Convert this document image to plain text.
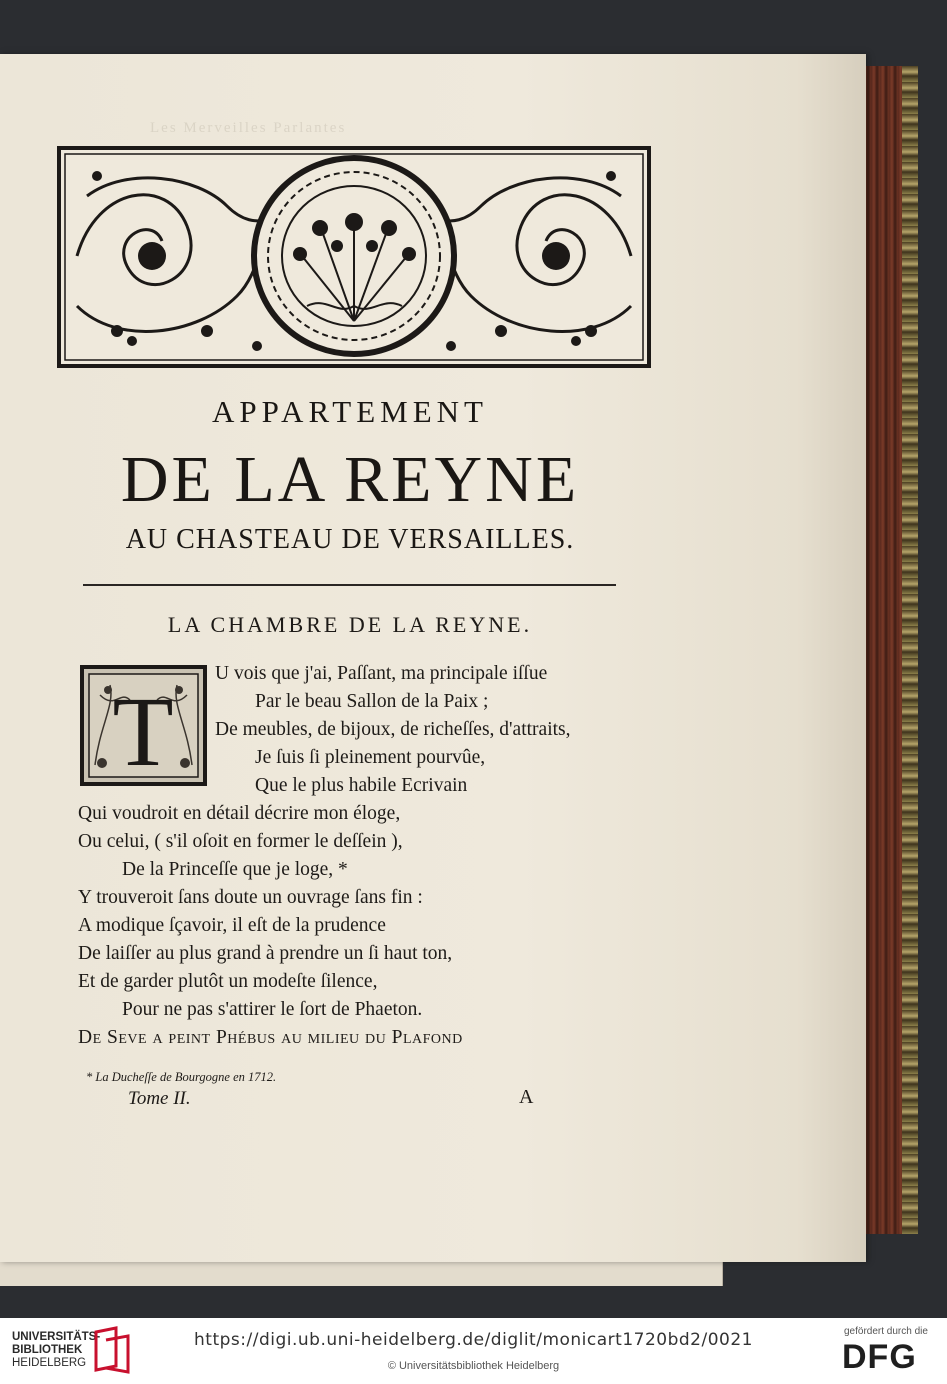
Les Merveilles Parlantes
APPARTEMENT
DE LA REYNE
AU CHASTEAU DE VERSAILLES.
LA CHAMBRE DE LA REYNE.
T
U vois que j'ai, Paſſant, ma principale iſſue
Par le beau Sallon de la Paix ;
De meubles, de bijoux, de richeſſes, d'attraits,
Je ſuis ſi pleinement pourvûe,
Que le plus habile Ecrivain
Qui voudroit en détail décrire mon éloge,
Ou celui, ( s'il oſoit en former le deſſein ),
De la Princeſſe que je loge, *
Y trouveroit ſans doute un ouvrage ſans fin :
A modique ſçavoir, il eſt de la prudence
De laiſſer au plus grand à prendre un ſi haut ton,
Et de garder plutôt un modeſte ſilence,
Pour ne pas s'attirer le ſort de Phaeton.
De Seve a peint Phébus au milieu du Plafond
* La Ducheſſe de Bourgogne en 1712.
Tome II.	A
UNIVERSITÄTS-
BIBLIOTHEK
HEIDELBERG
https://digi.ub.uni-heidelberg.de/diglit/monicart1720bd2/0021
© Universitätsbibliothek Heidelberg
gefördert durch die
DFG
